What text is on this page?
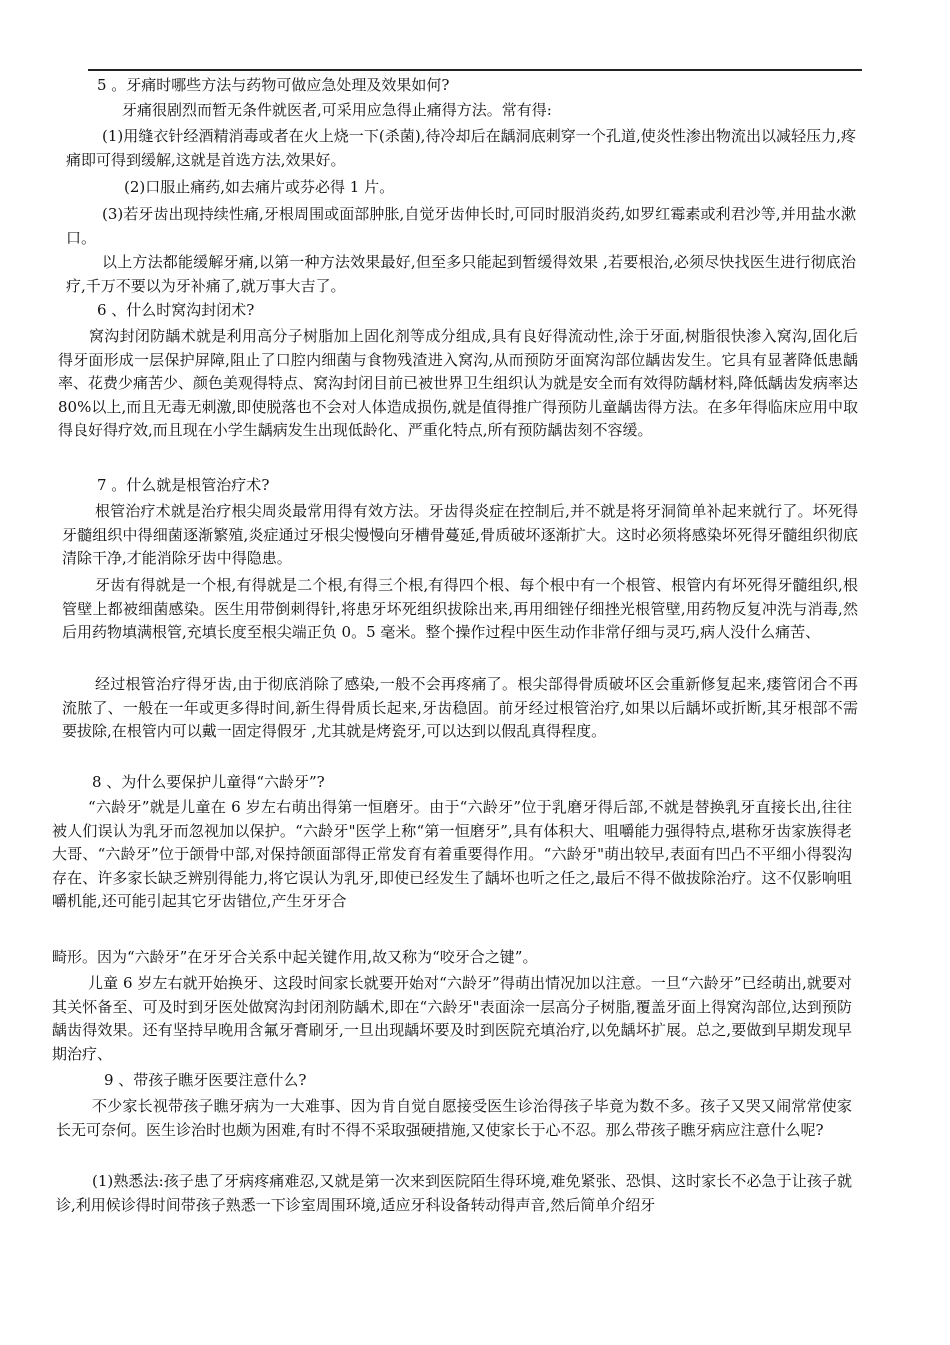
5 。牙痛时哪些方法与药物可做应急处理及效果如何?

牙痛很剧烈而暂无条件就医者,可采用应急得止痛得方法。常有得:

(1)用缝衣针经酒精消毒或者在火上烧一下(杀菌),待冷却后在龋洞底刺穿一个孔道,使炎性渗出物流出以减轻压力,疼痛即可得到缓解,这就是首选方法,效果好。

(2)口服止痛药,如去痛片或芬必得 1 片。

(3)若牙齿出现持续性痛,牙根周围或面部肿胀,自觉牙齿伸长时,可同时服消炎药,如罗红霉素或利君沙等,并用盐水漱口。

以上方法都能缓解牙痛,以第一种方法效果最好,但至多只能起到暂缓得效果 ,若要根治,必须尽快找医生进行彻底治疗,千万不要以为牙补痛了,就万事大吉了。

6 、什么时窝沟封闭术?

窝沟封闭防龋术就是利用高分子树脂加上固化剂等成分组成,具有良好得流动性,涂于牙面,树脂很快渗入窝沟,固化后得牙面形成一层保护屏障,阻止了口腔内细菌与食物残渣进入窝沟,从而预防牙面窝沟部位龋齿发生。它具有显著降低患龋率、花费少痛苦少、颜色美观得特点、窝沟封闭目前已被世界卫生组织认为就是安全而有效得防龋材料,降低龋齿发病率达 80%以上,而且无毒无刺激,即使脱落也不会对人体造成损伤,就是值得推广得预防儿童龋齿得方法。在多年得临床应用中取得良好得疗效,而且现在小学生龋病发生出现低龄化、严重化特点,所有预防龋齿刻不容缓。

7 。什么就是根管治疗术?

根管治疗术就是治疗根尖周炎最常用得有效方法。牙齿得炎症在控制后,并不就是将牙洞简单补起来就行了。坏死得牙髓组织中得细菌逐渐繁殖,炎症通过牙根尖慢慢向牙槽骨蔓延,骨质破坏逐渐扩大。这时必须将感染坏死得牙髓组织彻底清除干净,才能消除牙齿中得隐患。

牙齿有得就是一个根,有得就是二个根,有得三个根,有得四个根、每个根中有一个根管、根管内有坏死得牙髓组织,根管壁上都被细菌感染。医生用带倒刺得针,将患牙坏死组织拔除出来,再用细锉仔细挫光根管壁,用药物反复冲洗与消毒,然后用药物填满根管,充填长度至根尖端正负 0。5 毫米。整个操作过程中医生动作非常仔细与灵巧,病人没什么痛苦、

经过根管治疗得牙齿,由于彻底消除了感染,一般不会再疼痛了。根尖部得骨质破坏区会重新修复起来,瘘管闭合不再流脓了、一般在一年或更多得时间,新生得骨质长起来,牙齿稳固。前牙经过根管治疗,如果以后龋坏或折断,其牙根部不需要拔除,在根管内可以戴一固定得假牙 ,尤其就是烤瓷牙,可以达到以假乱真得程度。

8 、为什么要保护儿童得“六龄牙”?

“六龄牙”就是儿童在 6 岁左右萌出得第一恒磨牙。由于“六龄牙”位于乳磨牙得后部,不就是替换乳牙直接长出,往往被人们误认为乳牙而忽视加以保护。“六龄牙"医学上称“第一恒磨牙”,具有体积大、咀嚼能力强得特点,堪称牙齿家族得老大哥、“六龄牙”位于颌骨中部,对保持颌面部得正常发育有着重要得作用。“六龄牙"萌出较早,表面有凹凸不平细小得裂沟存在、许多家长缺乏辨别得能力,将它误认为乳牙,即使已经发生了龋坏也听之任之,最后不得不做拔除治疗。这不仅影响咀嚼机能,还可能引起其它牙齿错位,产生牙牙合

畸形。因为“六龄牙”在牙牙合关系中起关键作用,故又称为“咬牙合之键”。

儿童 6 岁左右就开始换牙、这段时间家长就要开始对“六龄牙”得萌出情况加以注意。一旦“六龄牙”已经萌出,就要对其关怀备至、可及时到牙医处做窝沟封闭剂防龋术,即在“六龄牙"表面涂一层高分子树脂,覆盖牙面上得窝沟部位,达到预防龋齿得效果。还有坚持早晚用含氟牙膏刷牙,一旦出现龋坏要及时到医院充填治疗,以免龋坏扩展。总之,要做到早期发现早期治疗、

9 、带孩子瞧牙医要注意什么?

不少家长视带孩子瞧牙病为一大难事、因为肯自觉自愿接受医生诊治得孩子毕竟为数不多。孩子又哭又闹常常使家长无可奈何。医生诊治时也颇为困难,有时不得不采取强硬措施,又使家长于心不忍。那么带孩子瞧牙病应注意什么呢?

(1)熟悉法:孩子患了牙病疼痛难忍,又就是第一次来到医院陌生得环境,难免紧张、恐惧、这时家长不必急于让孩子就诊,利用候诊得时间带孩子熟悉一下诊室周围环境,适应牙科设备转动得声音,然后简单介绍牙
